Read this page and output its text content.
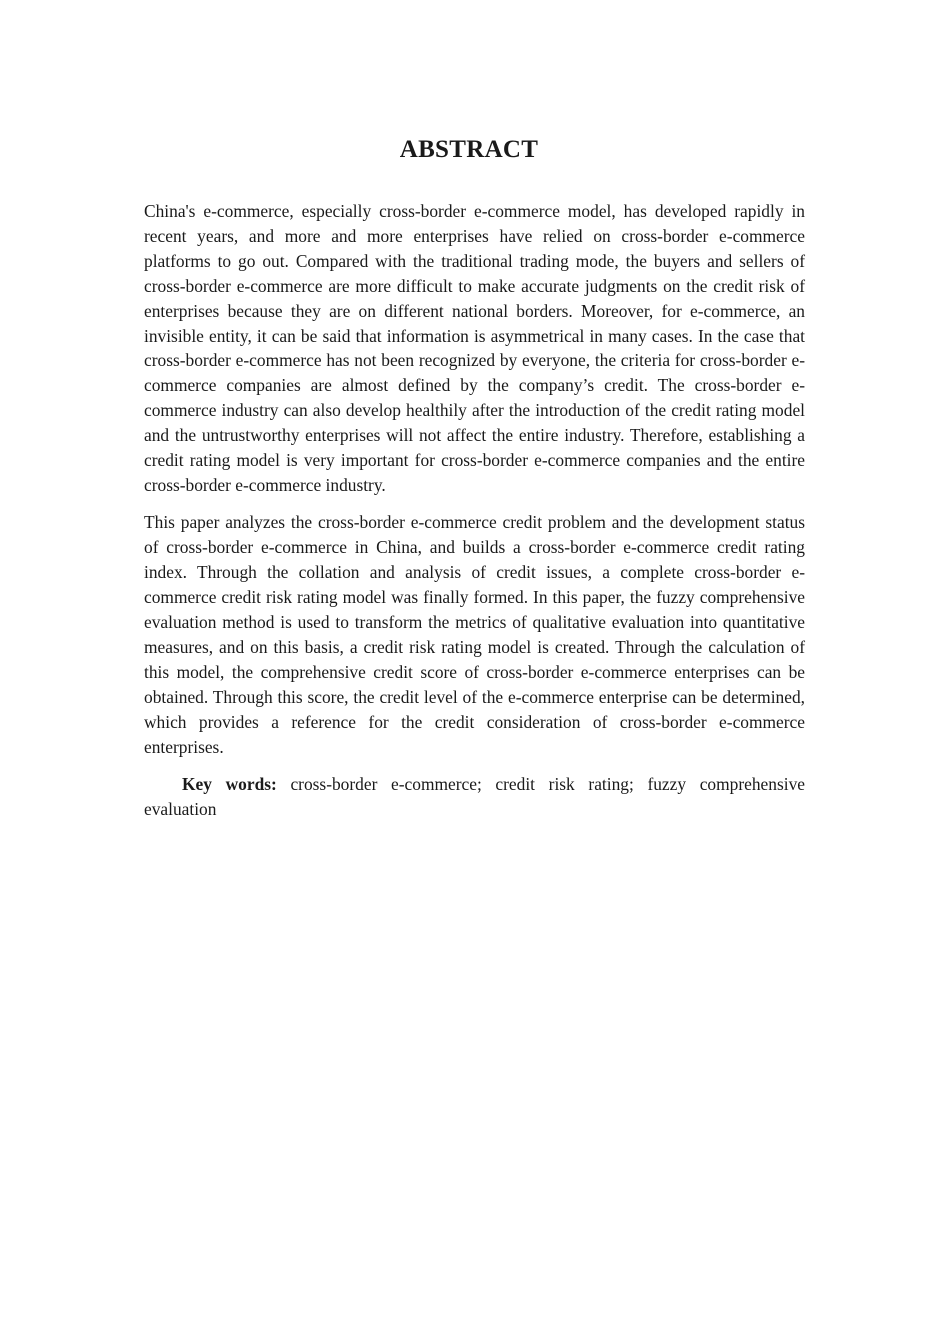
ABSTRACT

China's e-commerce, especially cross-border e-commerce model, has developed rapidly in recent years, and more and more enterprises have relied on cross-border e-commerce platforms to go out. Compared with the traditional trading mode, the buyers and sellers of cross-border e-commerce are more difficult to make accurate judgments on the credit risk of enterprises because they are on different national borders. Moreover, for e-commerce, an invisible entity, it can be said that information is asymmetrical in many cases. In the case that cross-border e-commerce has not been recognized by everyone, the criteria for cross-border e-commerce companies are almost defined by the company’s credit. The cross-border e-commerce industry can also develop healthily after the introduction of the credit rating model and the untrustworthy enterprises will not affect the entire industry. Therefore, establishing a credit rating model is very important for cross-border e-commerce companies and the entire cross-border e-commerce industry.

This paper analyzes the cross-border e-commerce credit problem and the development status of cross-border e-commerce in China, and builds a cross-border e-commerce credit rating index. Through the collation and analysis of credit issues, a complete cross-border e-commerce credit risk rating model was finally formed. In this paper, the fuzzy comprehensive evaluation method is used to transform the metrics of qualitative evaluation into quantitative measures, and on this basis, a credit risk rating model is created. Through the calculation of this model, the comprehensive credit score of cross-border e-commerce enterprises can be obtained. Through this score, the credit level of the e-commerce enterprise can be determined, which provides a reference for the credit consideration of cross-border e-commerce enterprises.

Key words: cross-border e-commerce; credit risk rating; fuzzy comprehensive evaluation
